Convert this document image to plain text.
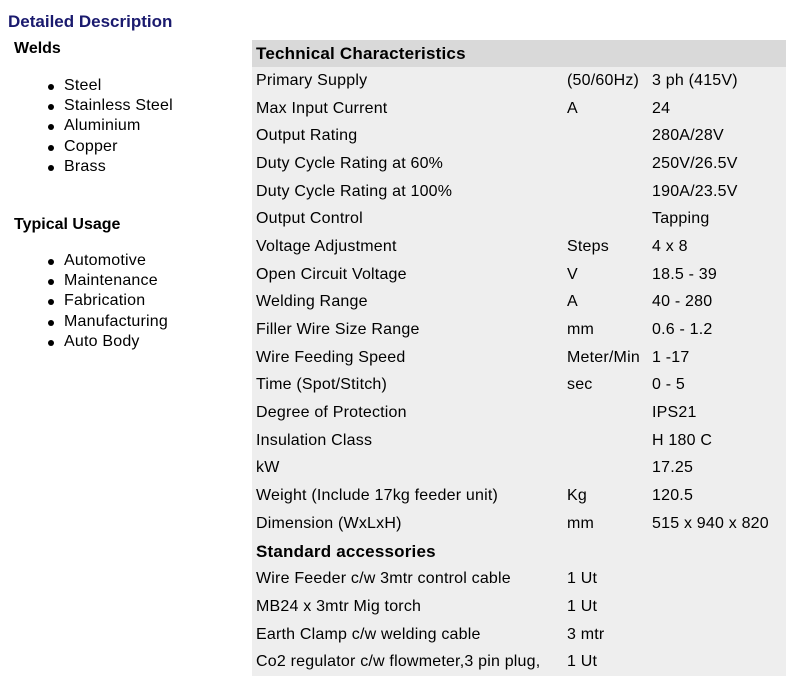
Detailed Description
Welds
Steel
Stainless Steel
Aluminium
Copper
Brass
Typical Usage
Automotive
Maintenance
Fabrication
Manufacturing
Auto Body
Technical Characteristics		
Primary Supply	(50/60Hz)	3 ph (415V)
Max Input Current	A	24
Output Rating		280A/28V
Duty Cycle Rating at 60%		250V/26.5V
Duty Cycle Rating at 100%		190A/23.5V
Output Control		Tapping
Voltage Adjustment	Steps	4 x 8
Open Circuit Voltage	V	18.5 - 39
Welding Range	A	40 - 280
Filler Wire Size Range	mm	0.6 - 1.2
Wire Feeding Speed	Meter/Min	1 -17
Time (Spot/Stitch)	sec	0 - 5
Degree of Protection		IPS21
Insulation Class		H 180 C
kW		17.25
Weight (Include 17kg feeder unit)	Kg	120.5
Dimension (WxLxH)	mm	515 x 940 x 820
Standard accessories		
Wire Feeder c/w 3mtr control cable	1 Ut	
MB24 x 3mtr Mig torch	1 Ut	
Earth Clamp c/w welding cable	3 mtr	
Co2 regulator c/w flowmeter,3 pin plug,	1 Ut	
